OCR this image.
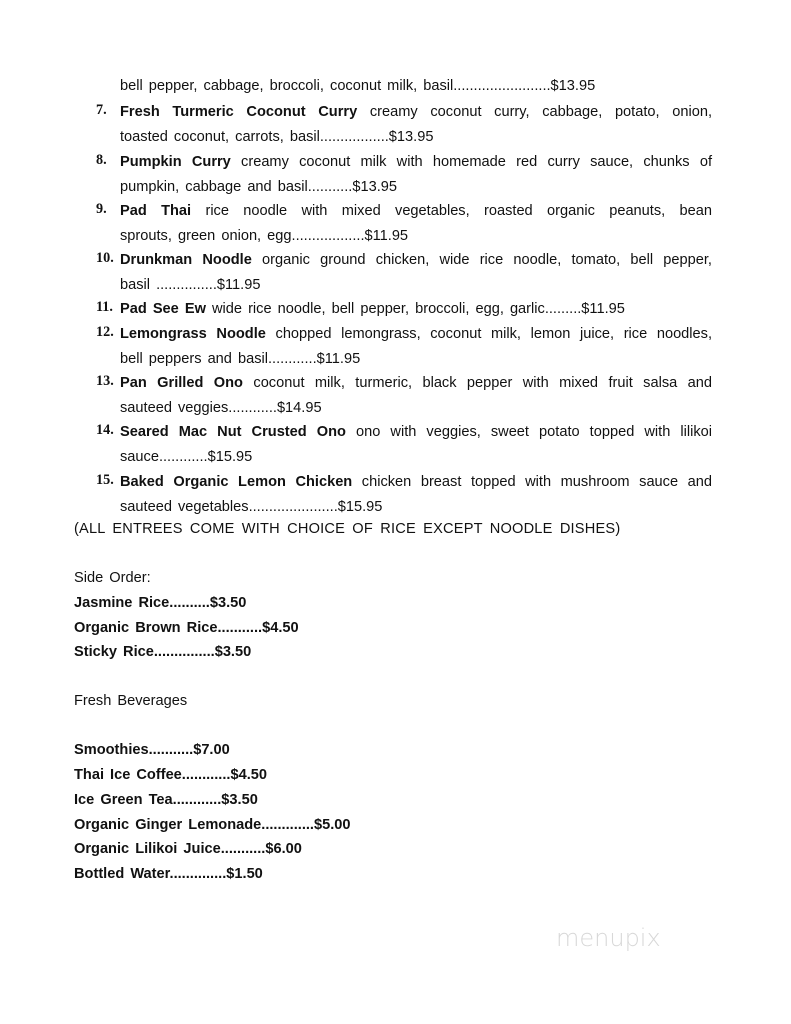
bell pepper, cabbage, broccoli, coconut milk, basil........................$13.95
7. Fresh Turmeric Coconut Curry creamy coconut curry, cabbage, potato, onion,
toasted coconut, carrots, basil.................$13.95
8. Pumpkin Curry creamy coconut milk with homemade red curry sauce, chunks of
pumpkin, cabbage and basil...........$13.95
9. Pad Thai rice noodle with mixed vegetables, roasted organic peanuts, bean
sprouts, green onion, egg..................$11.95
10. Drunkman Noodle organic ground chicken, wide rice noodle, tomato, bell pepper,
basil ...............$11.95
11. Pad See Ew wide rice noodle, bell pepper, broccoli, egg, garlic.........$11.95
12. Lemongrass Noodle chopped lemongrass, coconut milk, lemon juice, rice noodles,
bell peppers and basil............$11.95
13. Pan Grilled Ono coconut milk, turmeric, black pepper with mixed fruit salsa and
sauteed veggies............$14.95
14. Seared Mac Nut Crusted Ono ono with veggies, sweet potato topped with lilikoi
sauce............$15.95
15. Baked Organic Lemon Chicken chicken breast topped with mushroom sauce and
sauteed vegetables......................$15.95
(ALL ENTREES COME WITH CHOICE OF RICE EXCEPT NOODLE DISHES)
Side Order:
Jasmine Rice..........$3.50
Organic Brown Rice...........$4.50
Sticky Rice...............$3.50
Fresh Beverages
Smoothies...........$7.00
Thai Ice Coffee............$4.50
Ice Green Tea............$3.50
Organic Ginger Lemonade.............$5.00
Organic Lilikoi Juice...........$6.00
Bottled Water..............$1.50
menupix
